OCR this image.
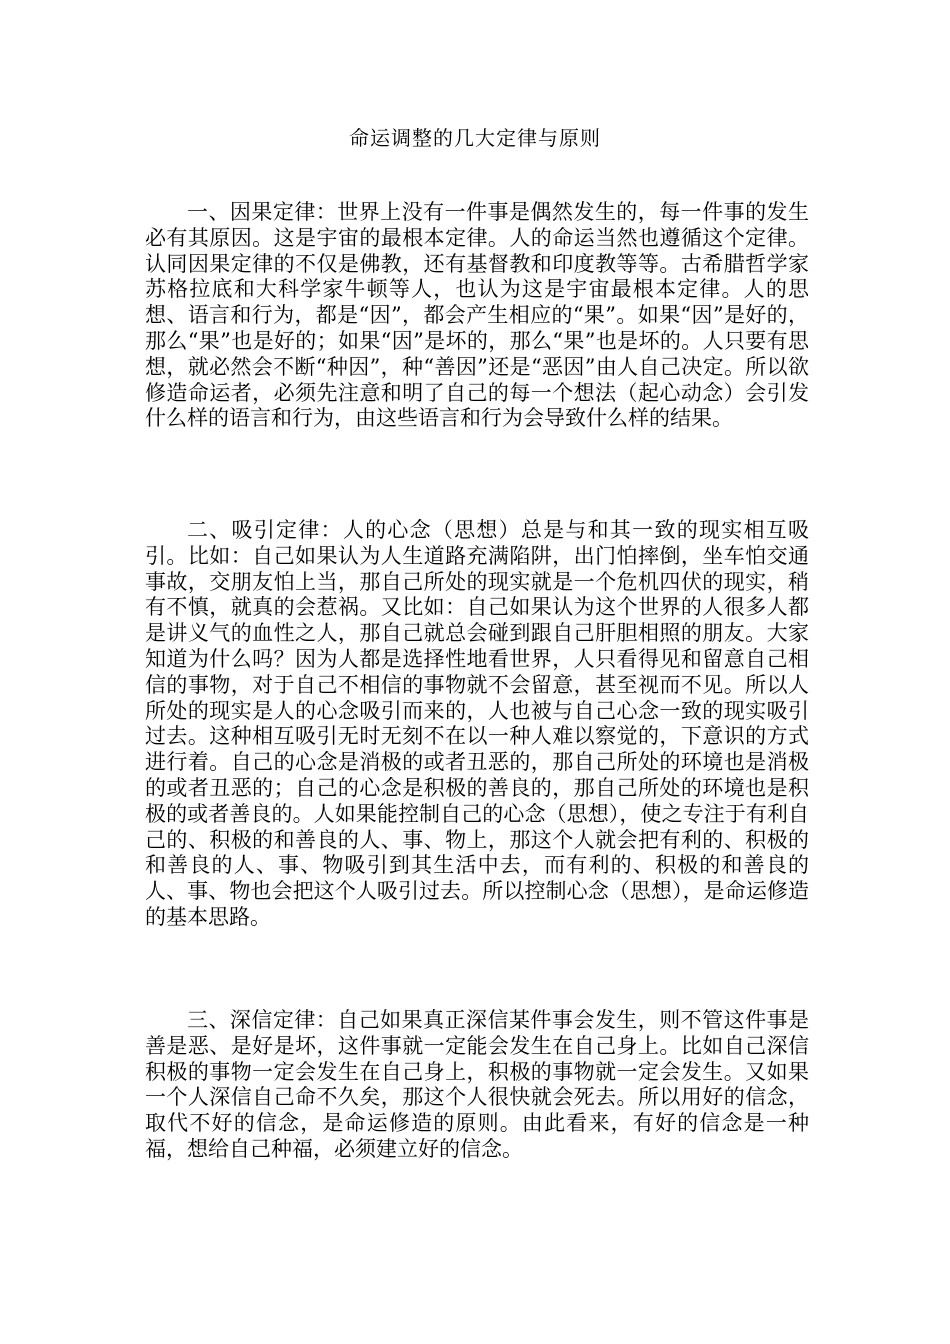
命运调整的几大定律与原则

一、因果定律：世界上没有一件事是偶然发生的，每一件事的发生必有其原因。这是宇宙的最根本定律。人的命运当然也遵循这个定律。认同因果定律的不仅是佛教，还有基督教和印度教等等。古希腊哲学家苏格拉底和大科学家牛顿等人，也认为这是宇宙最根本定律。人的思想、语言和行为，都是“因”，都会产生相应的“果”。如果“因”是好的，那么“果”也是好的；如果“因”是坏的，那么“果”也是坏的。人只要有思想，就必然会不断“种因”，种“善因”还是“恶因”由人自己决定。所以欲修造命运者，必须先注意和明了自己的每一个想法（起心动念）会引发什么样的语言和行为，由这些语言和行为会导致什么样的结果。

二、吸引定律：人的心念（思想）总是与和其一致的现实相互吸引。比如：自己如果认为人生道路充满陷阱，出门怕摔倒，坐车怕交通事故，交朋友怕上当，那自己所处的现实就是一个危机四伏的现实，稍有不慎，就真的会惹祸。又比如：自己如果认为这个世界的人很多人都是讲义气的血性之人，那自己就总会碰到跟自己肝胆相照的朋友。大家知道为什么吗？因为人都是选择性地看世界，人只看得见和留意自己相信的事物，对于自己不相信的事物就不会留意，甚至视而不见。所以人所处的现实是人的心念吸引而来的，人也被与自己心念一致的现实吸引过去。这种相互吸引无时无刻不在以一种人难以察觉的，下意识的方式进行着。自己的心念是消极的或者丑恶的，那自己所处的环境也是消极的或者丑恶的；自己的心念是积极的善良的，那自己所处的环境也是积极的或者善良的。人如果能控制自己的心念（思想），使之专注于有利自己的、积极的和善良的人、事、物上，那这个人就会把有利的、积极的和善良的人、事、物吸引到其生活中去，而有利的、积极的和善良的人、事、物也会把这个人吸引过去。所以控制心念（思想），是命运修造的基本思路。

三、深信定律：自己如果真正深信某件事会发生，则不管这件事是善是恶、是好是坏，这件事就一定能会发生在自己身上。比如自己深信积极的事物一定会发生在自己身上，积极的事物就一定会发生。又如果一个人深信自己命不久矣，那这个人很快就会死去。所以用好的信念，取代不好的信念，是命运修造的原则。由此看来，有好的信念是一种福，想给自己种福，必须建立好的信念。
